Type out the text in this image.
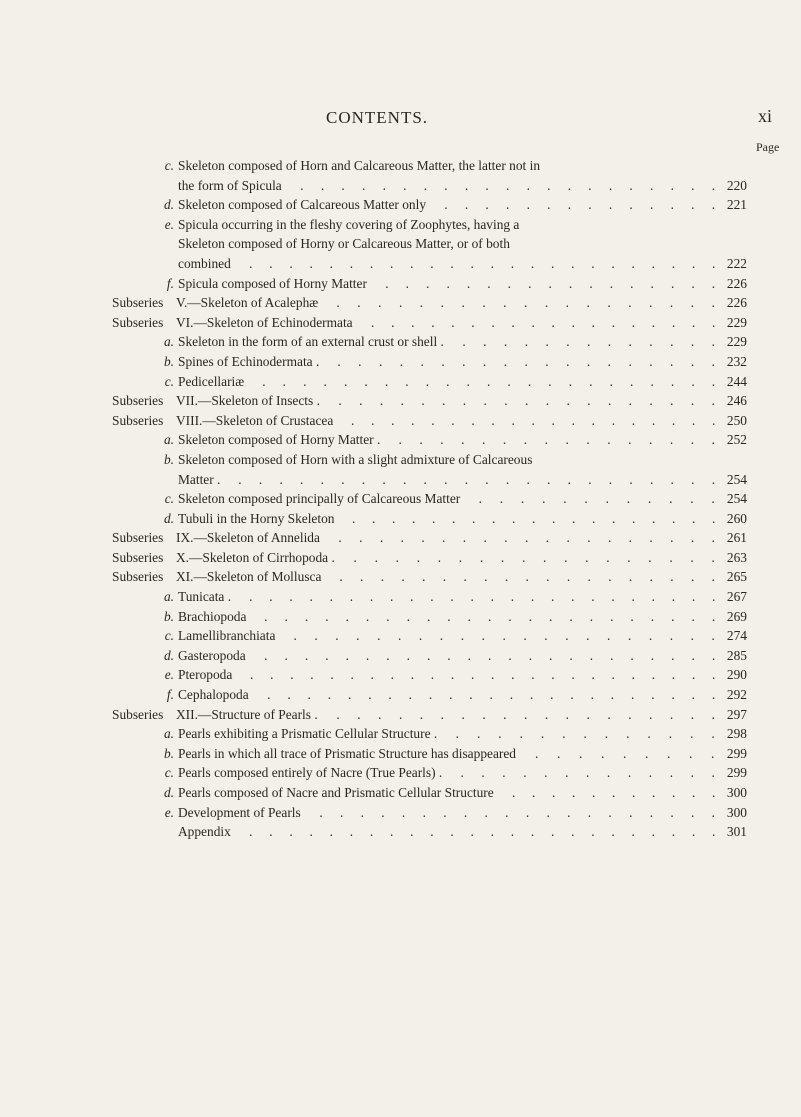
CONTENTS.	xi
Page
c. Skeleton composed of Horn and Calcareous Matter, the latter not in
the form of Spicula	220
. . . . . . . . . . . . . . . . . . . . .
d. Skeleton composed of Calcareous Matter only	221
. . . . . . . . . . . . . .
e. Spicula occurring in the fleshy covering of Zoophytes, having a
Skeleton composed of Horny or Calcareous Matter, or of both
combined	222
. . . . . . . . . . . . . . . . . . . . . . . .
f. Spicula composed of Horny Matter	226
. . . . . . . . . . . . . . . . .
Subseries V.—Skeleton of Acalephæ	226
. . . . . . . . . . . . . . . . . . .
Subseries VI.—Skeleton of Echinodermata	229
. . . . . . . . . . . . . . . . . .
a. Skeleton in the form of an external crust or shell .	229
. . . . . . . . . . . . .
b. Spines of Echinodermata .	232
. . . . . . . . . . . . . . . . . . .
c. Pedicellariæ	244
. . . . . . . . . . . . . . . . . . . . . . .
Subseries VII.—Skeleton of Insects .	246
. . . . . . . . . . . . . . . . . . .
Subseries VIII.—Skeleton of Crustacea	250
. . . . . . . . . . . . . . . . . . .
a. Skeleton composed of Horny Matter .	252
. . . . . . . . . . . . . . . .
b. Skeleton composed of Horn with a slight admixture of Calcareous
Matter .	254
. . . . . . . . . . . . . . . . . . . . . . . .
c. Skeleton composed principally of Calcareous Matter	254
. . . . . . . . . . . .
d. Tubuli in the Horny Skeleton	260
. . . . . . . . . . . . . . . . . . .
Subseries IX.—Skeleton of Annelida	261
. . . . . . . . . . . . . . . . . . .
Subseries X.—Skeleton of Cirrhopoda .	263
. . . . . . . . . . . . . . . . . .
Subseries XI.—Skeleton of Mollusca	265
. . . . . . . . . . . . . . . . . . .
a. Tunicata .	267
. . . . . . . . . . . . . . . . . . . . . . . .
b. Brachiopoda	269
. . . . . . . . . . . . . . . . . . . . . . .
c. Lamellibranchiata	274
. . . . . . . . . . . . . . . . . . . . .
d. Gasteropoda	285
. . . . . . . . . . . . . . . . . . . . . . .
e. Pteropoda	290
. . . . . . . . . . . . . . . . . . . . . . . .
f. Cephalopoda	292
. . . . . . . . . . . . . . . . . . . . . . .
Subseries XII.—Structure of Pearls .	297
. . . . . . . . . . . . . . . . . . .
a. Pearls exhibiting a Prismatic Cellular Structure .	298
. . . . . . . . . . . . .
b. Pearls in which all trace of Prismatic Structure has disappeared	299
. . . . . . . . .
c. Pearls composed entirely of Nacre (True Pearls) .	299
. . . . . . . . . . . . .
d. Pearls composed of Nacre and Prismatic Cellular Structure	300
. . . . . . . . . . .
e. Development of Pearls	300
. . . . . . . . . . . . . . . . . . . .
Appendix	301
. . . . . . . . . . . . . . . . . . . . . . . .
